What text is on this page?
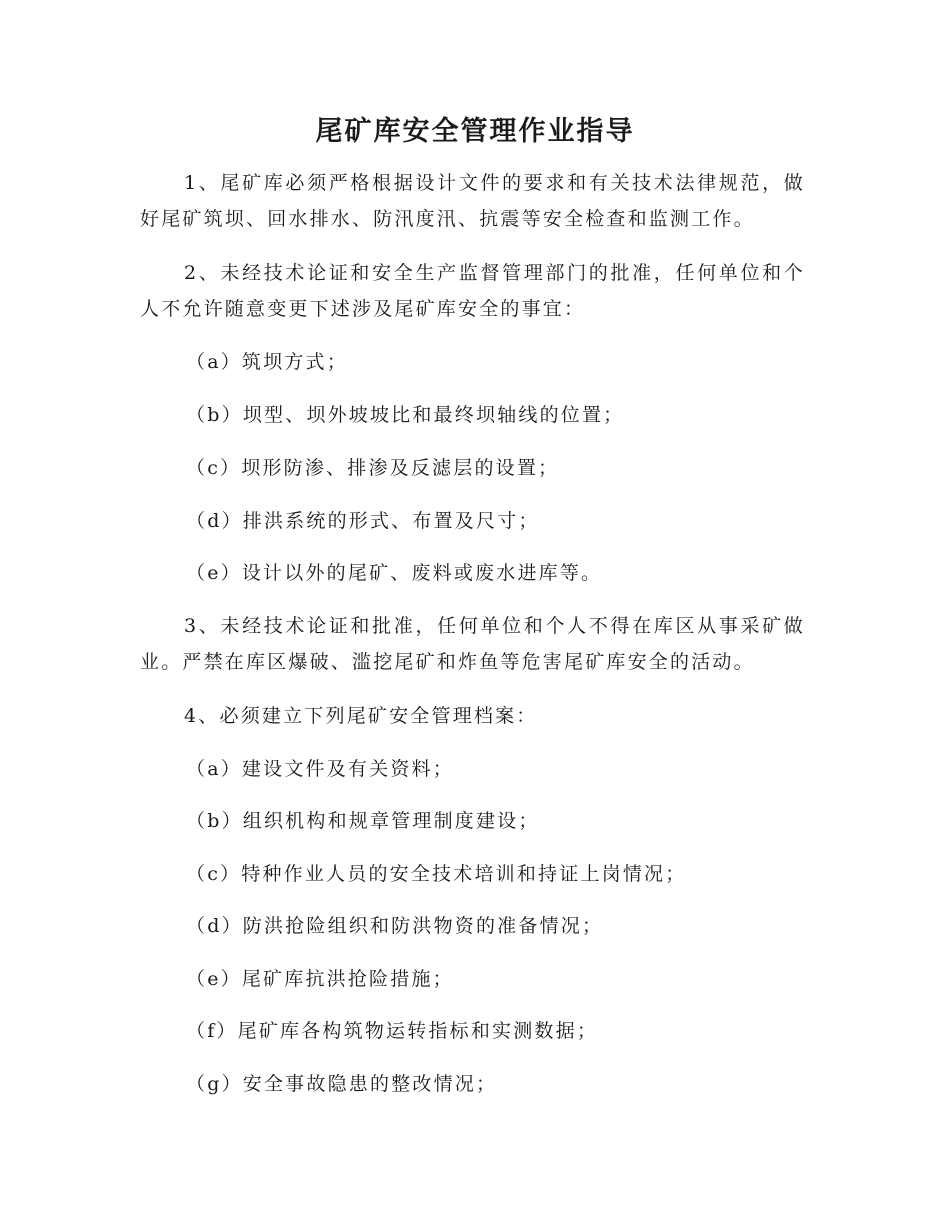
尾矿库安全管理作业指导
1、尾矿库必须严格根据设计文件的要求和有关技术法律规范，做好尾矿筑坝、回水排水、防汛度汛、抗震等安全检查和监测工作。
2、未经技术论证和安全生产监督管理部门的批准，任何单位和个人不允许随意变更下述涉及尾矿库安全的事宜：
（a）筑坝方式；
（b）坝型、坝外坡坡比和最终坝轴线的位置；
（c）坝形防渗、排渗及反滤层的设置；
（d）排洪系统的形式、布置及尺寸；
（e）设计以外的尾矿、废料或废水进库等。
3、未经技术论证和批准，任何单位和个人不得在库区从事采矿做业。严禁在库区爆破、滥挖尾矿和炸鱼等危害尾矿库安全的活动。
4、必须建立下列尾矿安全管理档案：
（a）建设文件及有关资料；
（b）组织机构和规章管理制度建设；
（c）特种作业人员的安全技术培训和持证上岗情况；
（d）防洪抢险组织和防洪物资的准备情况；
（e）尾矿库抗洪抢险措施；
（f）尾矿库各构筑物运转指标和实测数据；
（g）安全事故隐患的整改情况；
